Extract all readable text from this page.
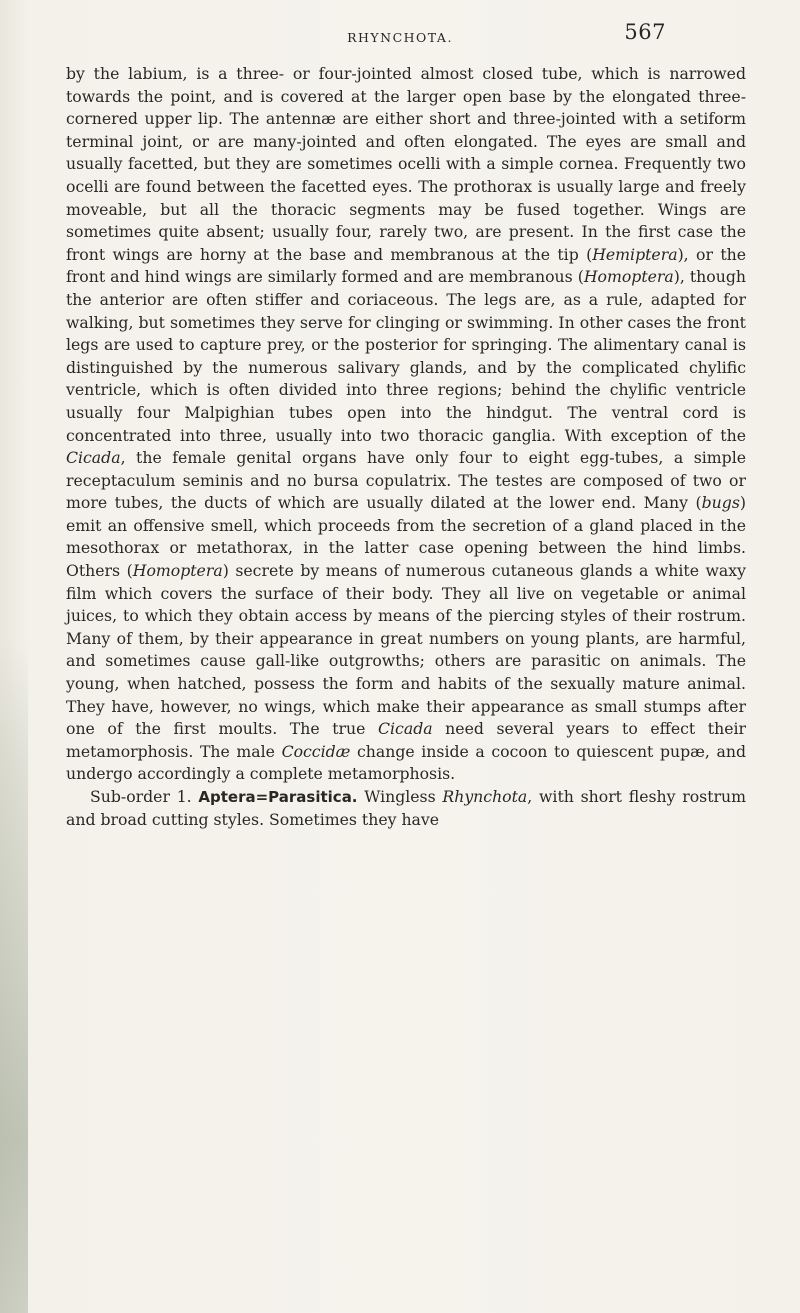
RHYNCHOTA.	567

by the labium, is a three- or four-jointed almost closed tube, which is narrowed towards the point, and is covered at the larger open base by the elongated three-cornered upper lip. The antennæ are either short and three-jointed with a setiform terminal joint, or are many-jointed and often elongated. The eyes are small and usually facetted, but they are sometimes ocelli with a simple cornea. Frequently two ocelli are found between the facetted eyes. The prothorax is usually large and freely moveable, but all the thoracic segments may be fused together. Wings are sometimes quite absent; usually four, rarely two, are present. In the first case the front wings are horny at the base and membranous at the tip (Hemiptera), or the front and hind wings are similarly formed and are membranous (Homoptera), though the anterior are often stiffer and coriaceous. The legs are, as a rule, adapted for walking, but sometimes they serve for clinging or swimming. In other cases the front legs are used to capture prey, or the posterior for springing. The alimentary canal is distinguished by the numerous salivary glands, and by the complicated chylific ventricle, which is often divided into three regions; behind the chylific ventricle usually four Malpighian tubes open into the hindgut. The ventral cord is concentrated into three, usually into two thoracic ganglia. With exception of the Cicada, the female genital organs have only four to eight egg-tubes, a simple receptaculum seminis and no bursa copulatrix. The testes are composed of two or more tubes, the ducts of which are usually dilated at the lower end. Many (bugs) emit an offensive smell, which proceeds from the secretion of a gland placed in the mesothorax or metathorax, in the latter case opening between the hind limbs. Others (Homoptera) secrete by means of numerous cutaneous glands a white waxy film which covers the surface of their body. They all live on vegetable or animal juices, to which they obtain access by means of the piercing styles of their rostrum. Many of them, by their appearance in great numbers on young plants, are harmful, and sometimes cause gall-like outgrowths; others are parasitic on animals. The young, when hatched, possess the form and habits of the sexually mature animal. They have, however, no wings, which make their appearance as small stumps after one of the first moults. The true Cicada need several years to effect their metamorphosis. The male Coccidæ change inside a cocoon to quiescent pupæ, and undergo accordingly a complete metamorphosis.

Sub-order 1. Aptera=Parasitica. Wingless Rhynchota, with short fleshy rostrum and broad cutting styles. Sometimes they have
